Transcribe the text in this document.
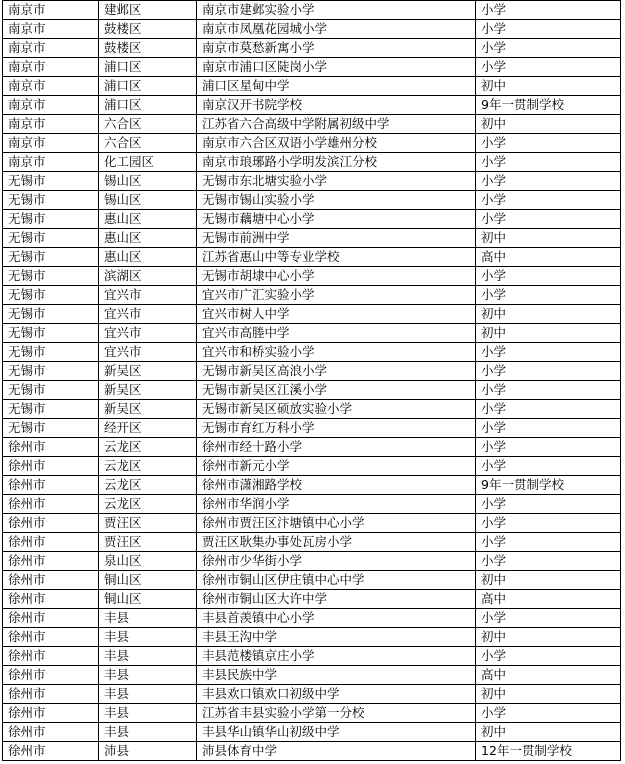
南京市	建邺区	南京市建邺实验小学	小学
南京市	鼓楼区	南京市凤凰花园城小学	小学
南京市	鼓楼区	南京市莫愁新寓小学	小学
南京市	浦口区	南京市浦口区陡岗小学	小学
南京市	浦口区	浦口区星甸中学	初中
南京市	浦口区	南京汉开书院学校	9年一贯制学校
南京市	六合区	江苏省六合高级中学附属初级中学	初中
南京市	六合区	南京市六合区双语小学雄州分校	小学
南京市	化工园区	南京市琅琊路小学明发滨江分校	小学
无锡市	锡山区	无锡市东北塘实验小学	小学
无锡市	锡山区	无锡市锡山实验小学	小学
无锡市	惠山区	无锡市藕塘中心小学	小学
无锡市	惠山区	无锡市前洲中学	初中
无锡市	惠山区	江苏省惠山中等专业学校	高中
无锡市	滨湖区	无锡市胡埭中心小学	小学
无锡市	宜兴市	宜兴市广汇实验小学	小学
无锡市	宜兴市	宜兴市树人中学	初中
无锡市	宜兴市	宜兴市高塍中学	初中
无锡市	宜兴市	宜兴市和桥实验小学	小学
无锡市	新吴区	无锡市新吴区高浪小学	小学
无锡市	新吴区	无锡市新吴区江溪小学	小学
无锡市	新吴区	无锡市新吴区硕放实验小学	小学
无锡市	经开区	无锡市育红万科小学	小学
徐州市	云龙区	徐州市经十路小学	小学
徐州市	云龙区	徐州市新元小学	小学
徐州市	云龙区	徐州市潇湘路学校	9年一贯制学校
徐州市	云龙区	徐州市华润小学	小学
徐州市	贾汪区	徐州市贾汪区汴塘镇中心小学	小学
徐州市	贾汪区	贾汪区耿集办事处瓦房小学	小学
徐州市	泉山区	徐州市少华街小学	小学
徐州市	铜山区	徐州市铜山区伊庄镇中心中学	初中
徐州市	铜山区	徐州市铜山区大许中学	高中
徐州市	丰县	丰县首羡镇中心小学	小学
徐州市	丰县	丰县王沟中学	初中
徐州市	丰县	丰县范楼镇京庄小学	小学
徐州市	丰县	丰县民族中学	高中
徐州市	丰县	丰县欢口镇欢口初级中学	初中
徐州市	丰县	江苏省丰县实验小学第一分校	小学
徐州市	丰县	丰县华山镇华山初级中学	初中
徐州市	沛县	沛县体育中学	12年一贯制学校
